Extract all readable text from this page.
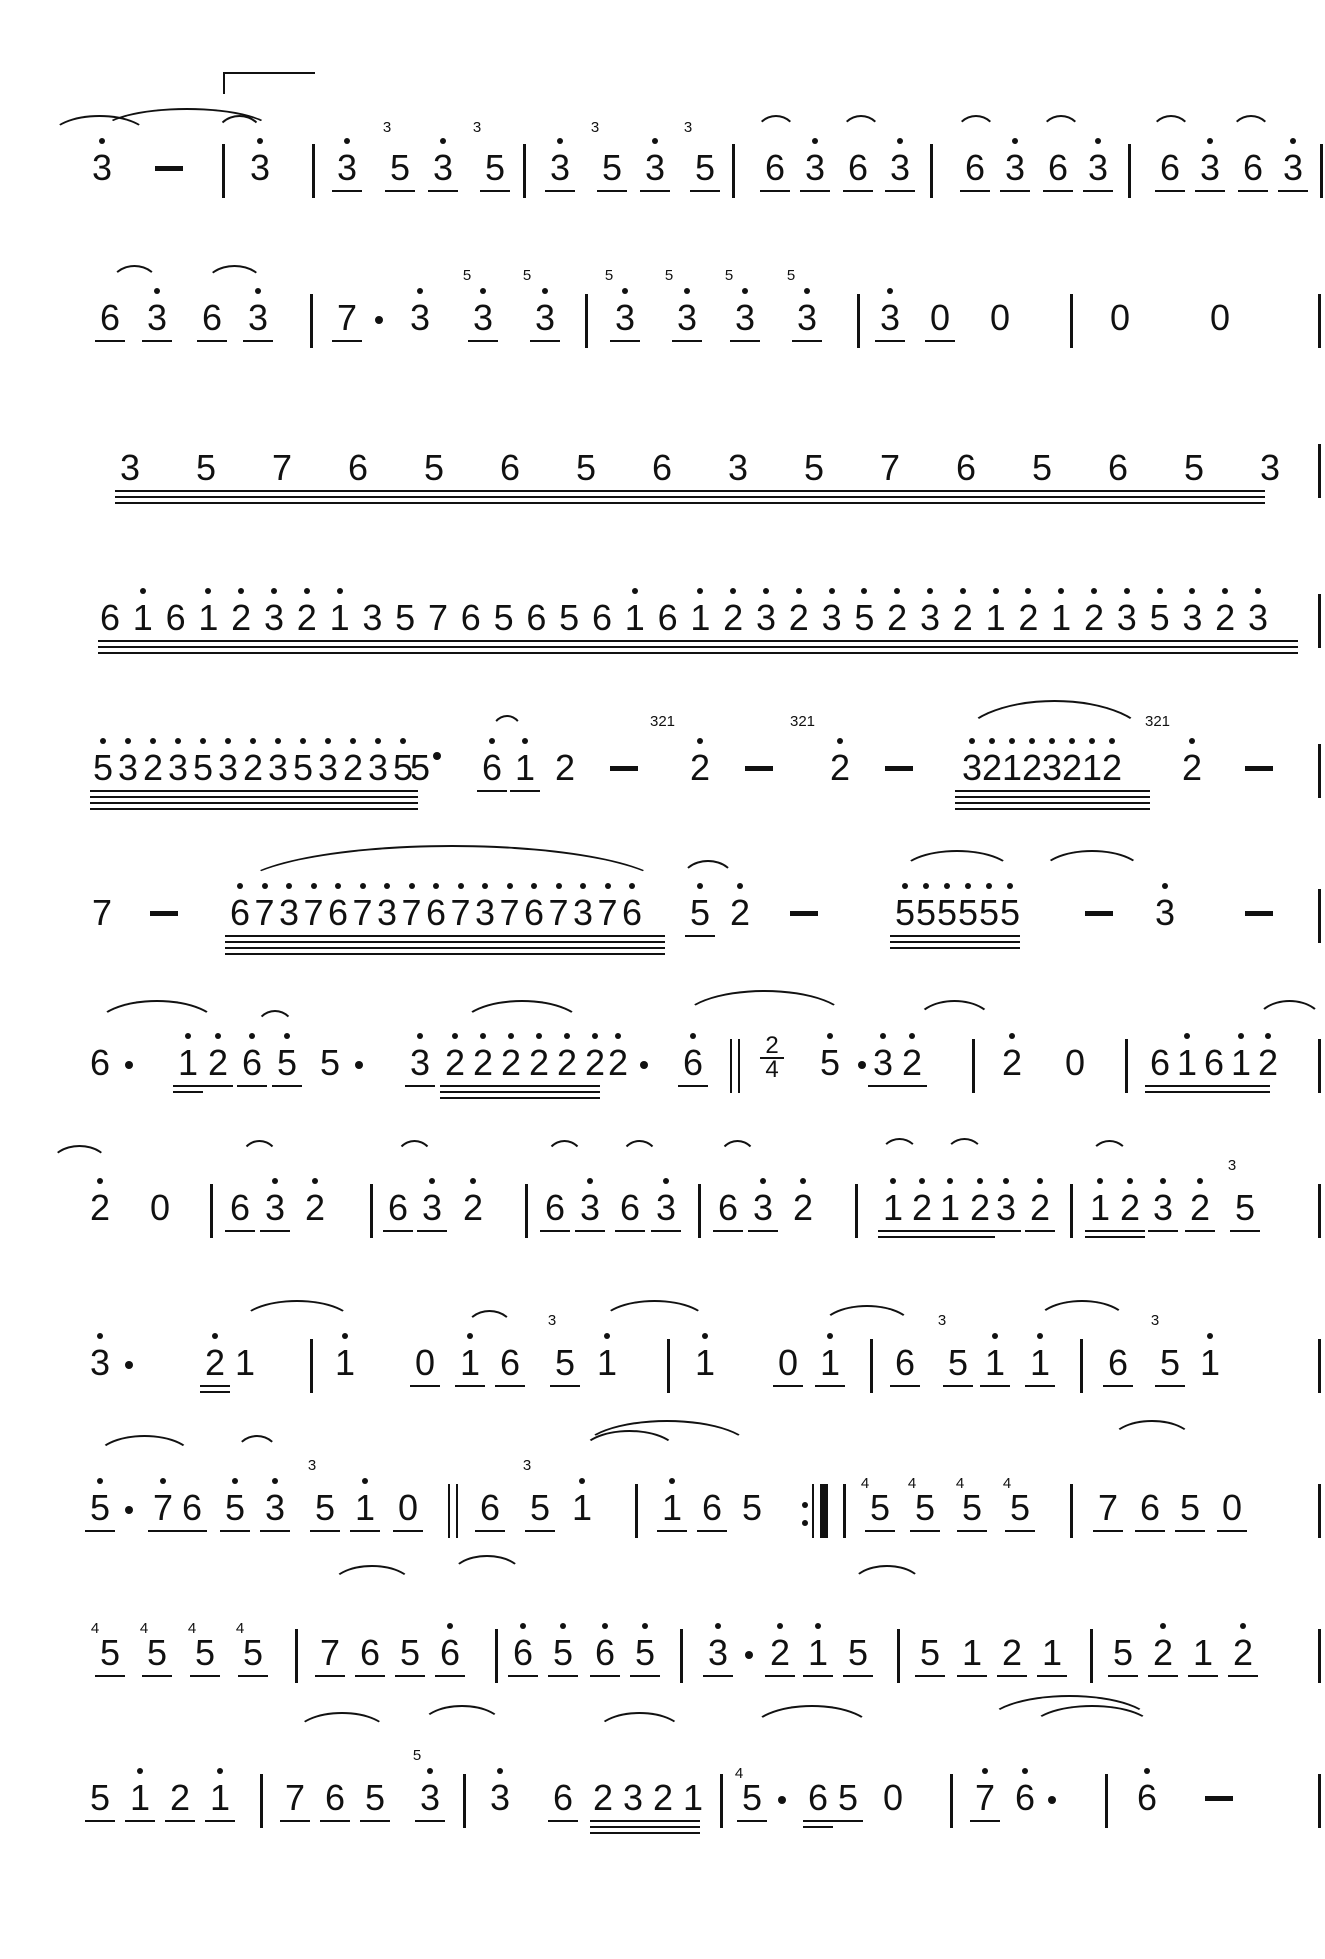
3	3 3
3
5 3
3
5 3
3
5 3
3
5 6 3 6 3 6 3 6 3 6 3 6 3
6 3 6 3 7 3
5
3
5
3
5
3
5
3
5
3
5
3 3 0 0	0 0
3 5 7 6 5 6 5 6 3 5 7 6 5 6 5 3
6 1 6 1 2 3 2 1 3 5 7 6 5 6 5 6 1 6 1 2 3 2 3 5 2 3 2 1 2 1 2 3 5 3 2 3
5 3 2 3 5 3 2 3 5 3 2 3 5
5 6 1 2
321
2
321
2	3 2 1 2 3 2 1 2
321
2
7	6 7 3 7 6 7 3 7 6 7 3 7 6 7 3 7 6 5 2	5 5 5 5 5 5	3
6 1 2 6 5 5 3 2 2 2 2 2 2 2 6	2
4 5 3 2 2 0 6 1 6 1 2
2 0 6 3 2 6 3 2 6 3 6 3 6 3 2 1 2 1 2 3 2 1 2 3 2
3
5
3	2 1 1 0 1 6
3
5 1 1 0 1 6
3
5 1 1 6
3
5 1
5 7 6 5 3
3
5 1 0 6
3
5 1 1 6 5
4
5
4
5
4
5
4
5 7 6 5 0
4
5
4
5
4
5
4
5 7 6 5 6 6 5 6 5 3 2 1 5 5 1 2 1 5 2 1 2
5 1 2 1 7 6 5
5
3 3 6 2 3 2 1
4
5 6 5 0 7 6	6
